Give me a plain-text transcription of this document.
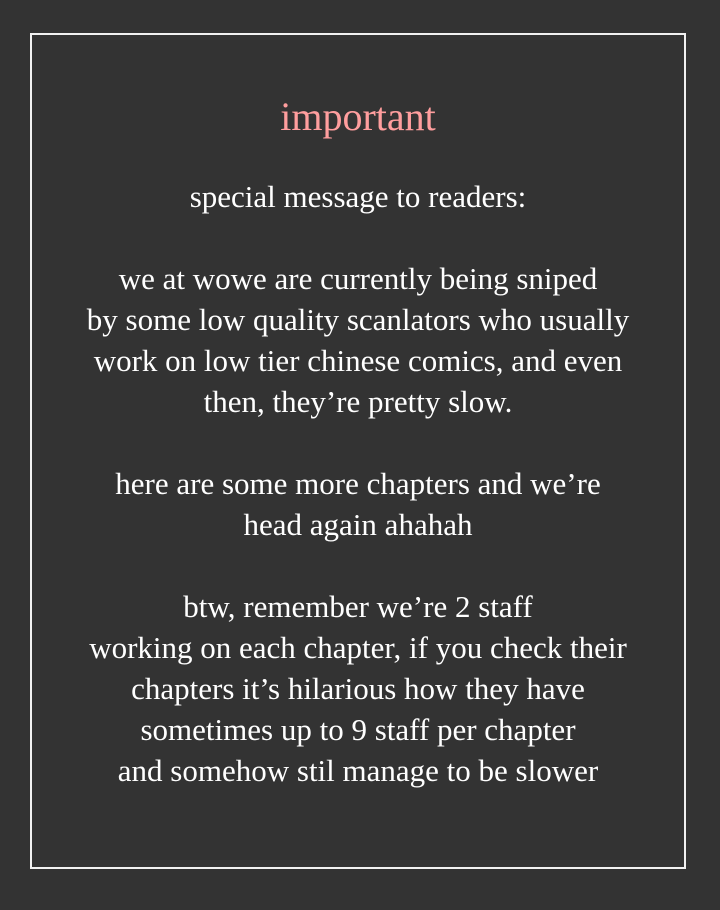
important

special message to readers:

we at wowe are currently being sniped
by some low quality scanlators who usually
work on low tier chinese comics, and even
then, they’re pretty slow.

here are some more chapters and we’re
head again ahahah

btw, remember we’re 2 staff
working on each chapter, if you check their
chapters it’s hilarious how they have
sometimes up to 9 staff per chapter
and somehow stil manage to be slower
